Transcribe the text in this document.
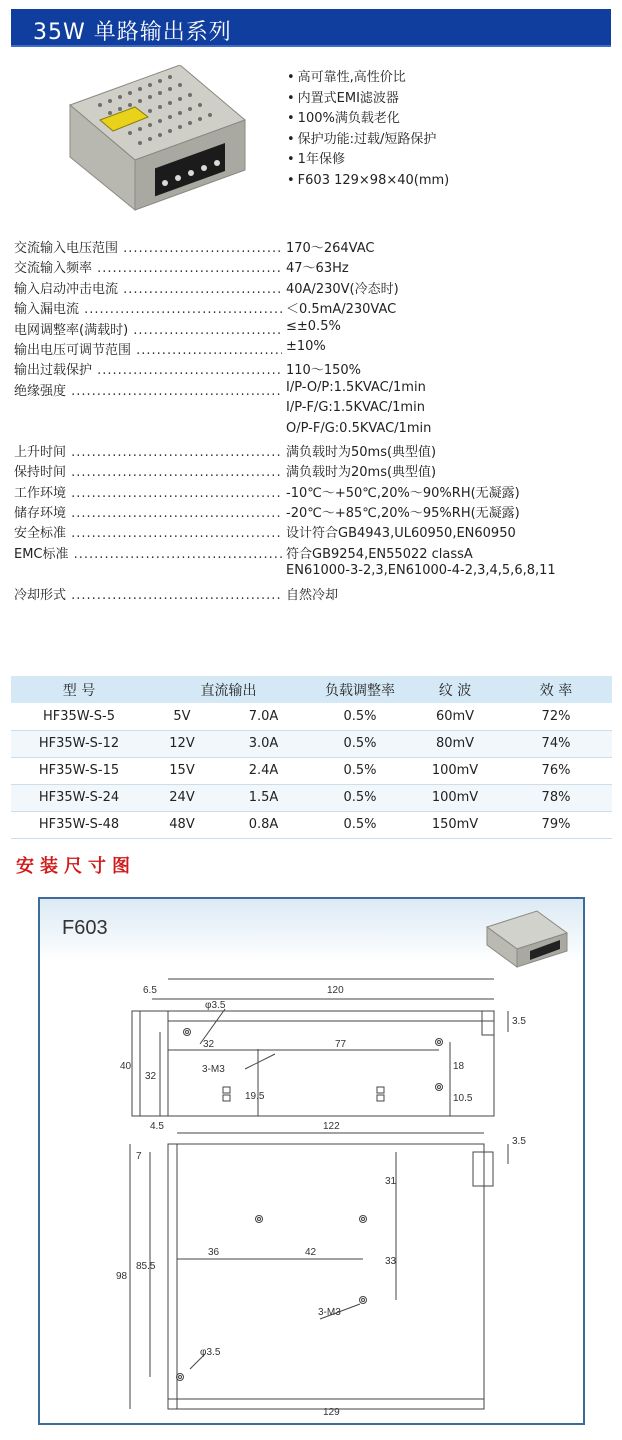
35W 单路输出系列
• 高可靠性,高性价比
• 内置式EMI滤波器
• 100%满负载老化
• 保护功能:过载/短路保护
• 1年保修
• F603 129×98×40(mm)
交流输入电压范围 .....	170～264VAC
交流输入频率 .....	47～63Hz
输入启动冲击电流 .....	40A/230V(冷态时)
输入漏电流 .....	＜0.5mA/230VAC
电网调整率(满载时) .....	≤±0.5%
输出电压可调节范围 .....	±10%
输出过载保护 .....	110～150%
绝缘强度 .....	I/P-O/P:1.5KVAC/1min
I/P-F/G:1.5KVAC/1min
O/P-F/G:0.5KVAC/1min
上升时间 .....	满负载时为50ms(典型值)
保持时间 .....	满负载时为20ms(典型值)
工作环境 .....	-10℃～+50℃,20%～90%RH(无凝露)
储存环境 .....	-20℃～+85℃,20%～95%RH(无凝露)
安全标准 .....	设计符合GB4943,UL60950,EN60950
EMC标准 .....	符合GB9254,EN55022 classA
EN61000-3-2,3,EN61000-4-2,3,4,5,6,8,11
冷却形式 .....	自然冷却
型 号	直流输出		负载调整率	纹 波	效 率
HF35W-S-5	5V	7.0A	0.5%	60mV	72%
HF35W-S-12	12V	3.0A	0.5%	80mV	74%
HF35W-S-15	15V	2.4A	0.5%	100mV	76%
HF35W-S-24	24V	1.5A	0.5%	100mV	78%
HF35W-S-48	48V	0.8A	0.5%	150mV	79%
安装尺寸图
F603
6.5
φ3.5
120
32	77
40
32
3-M3
19.5
18
10.5
3.5
4.5	122
3.5
7
31
98
85.5
36	42
33
3-M3
φ3.5
129
